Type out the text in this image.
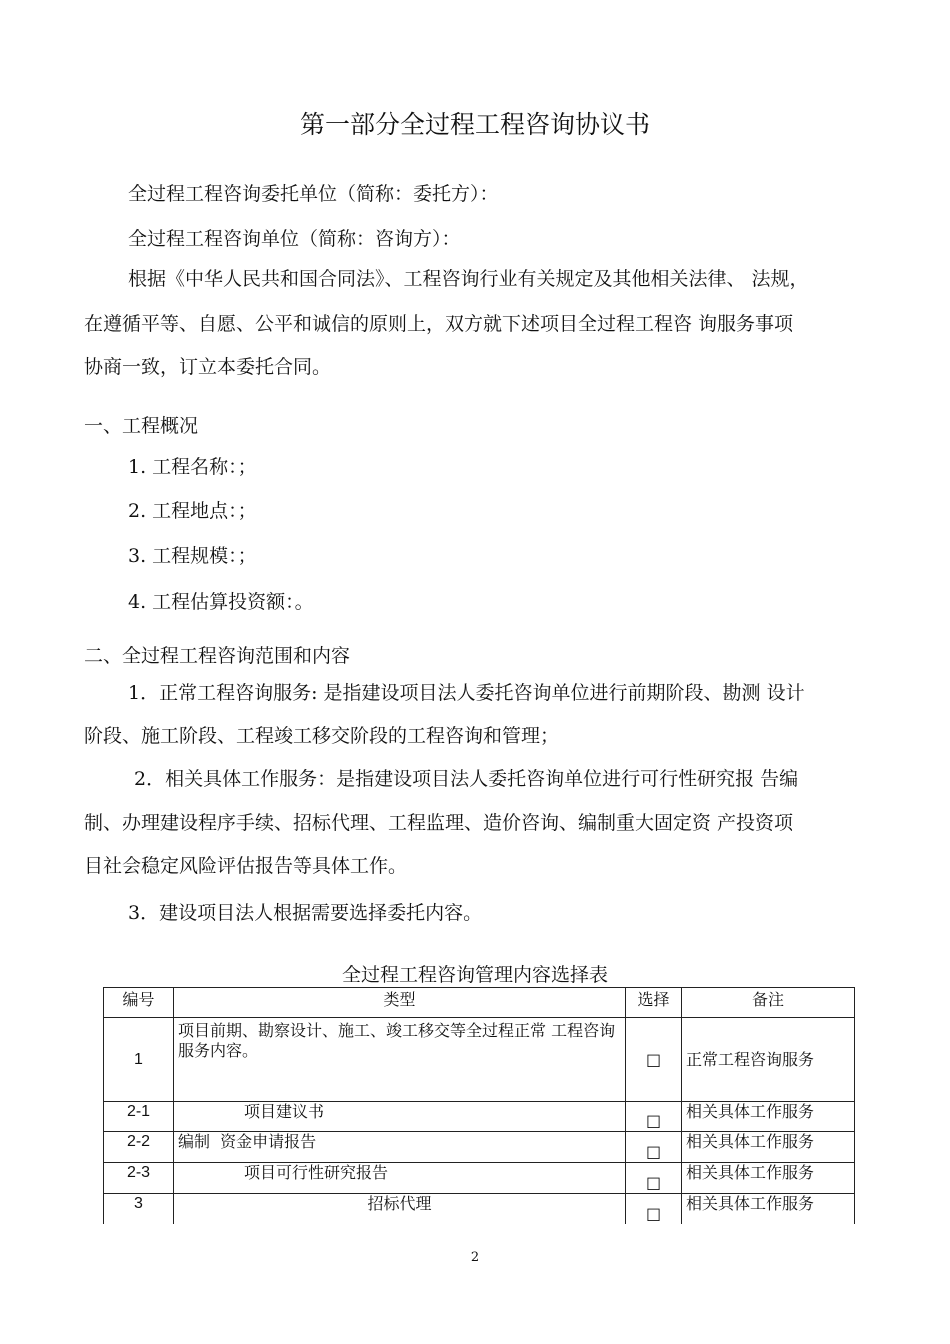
第一部分全过程工程咨询协议书
全过程工程咨询委托单位（简称：委托方）：
全过程工程咨询单位（简称：咨询方）：
根据《中华人民共和国合同法》、工程咨询行业有关规定及其他相关法律、 法规，
在遵循平等、自愿、公平和诚信的原则上，双方就下述项目全过程工程咨 询服务事项
协商一致，订立本委托合同。
一、工程概况
1. 工程名称：；
2. 工程地点：；
3. 工程规模：；
4. 工程估算投资额：。
二、全过程工程咨询范围和内容
1．正常工程咨询服务: 是指建设项目法人委托咨询单位进行前期阶段、勘测 设计
阶段、施工阶段、工程竣工移交阶段的工程咨询和管理；
2．相关具体工作服务：是指建设项目法人委托咨询单位进行可行性研究报 告编
制、办理建设程序手续、招标代理、工程监理、造价咨询、编制重大固定资 产投资项
目社会稳定风险评估报告等具体工作。
3．建设项目法人根据需要选择委托内容。
全过程工程咨询管理内容选择表
编号	类型	选择	备注
1	项目前期、勘察设计、施工、竣工移交等全过程正常 工程咨询服务内容。	□	正常工程咨询服务
2-1	项目建议书	□	相关具体工作服务
2-2	编制  资金申请报告	□	相关具体工作服务
2-3	项目可行性研究报告	□	相关具体工作服务
3	招标代理	□	相关具体工作服务
2
